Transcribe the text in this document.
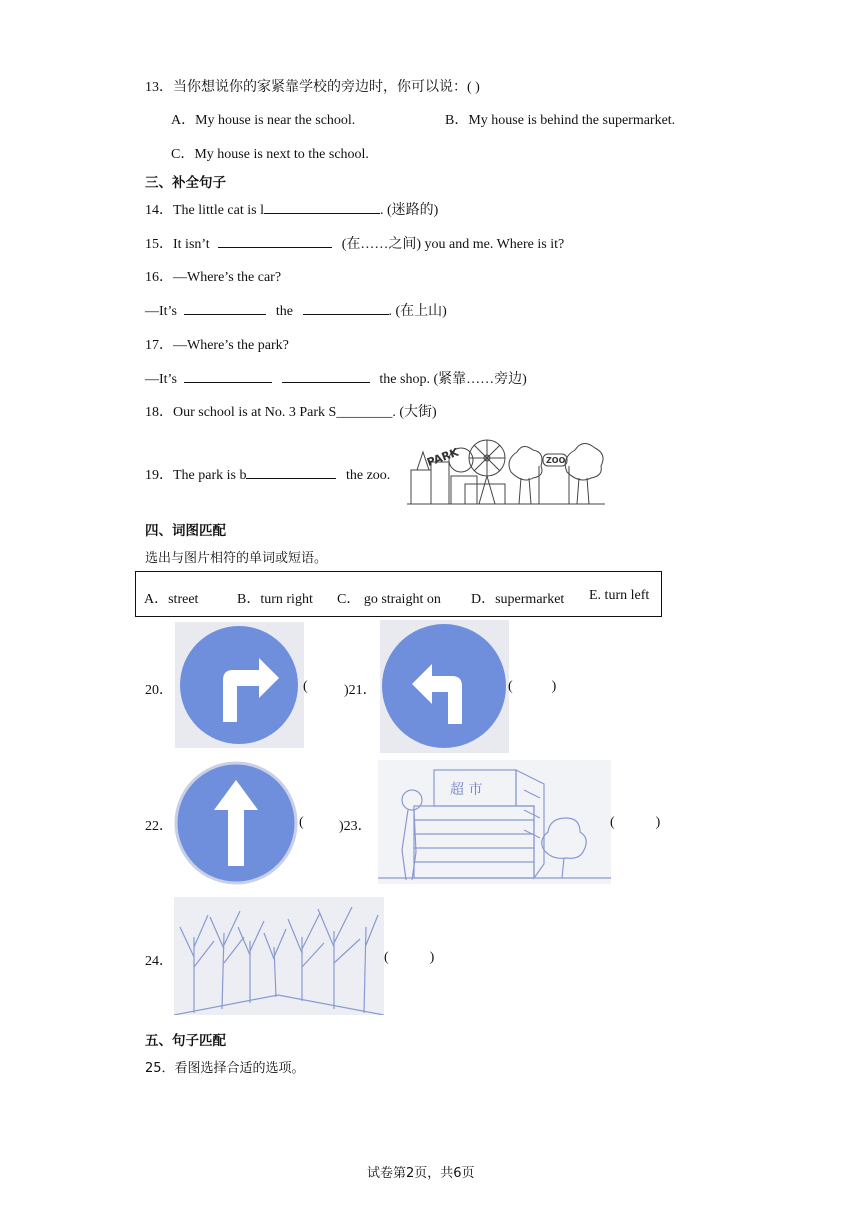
13．当你想说你的家紧靠学校的旁边时，你可以说：( )
A．My house is near the school.	B．My house is behind the supermarket.
C．My house is next to the school.
三、补全句子
14．The little cat is l	. (迷路的)
15．It isn’t	(在……之间) you and me. Where is it?
16．—Where’s the car?
—It’s	the	. (在上山)
17．—Where’s the park?
—It’s	the shop. (紧靠……旁边)
18．Our school is at No. 3 Park S________. (大街)
19．The park is b	the zoo.
PARK	ZOO
四、词图匹配
选出与图片相符的单词或短语。
A．street	B．turn right C． go straight on D．supermarket E. turn left
20．	(	)21．	(	)
22．	(	)23．
超 市
(	)
24．	(	)
五、句子匹配
25．看图选择合适的选项。
试卷第2页，共6页
